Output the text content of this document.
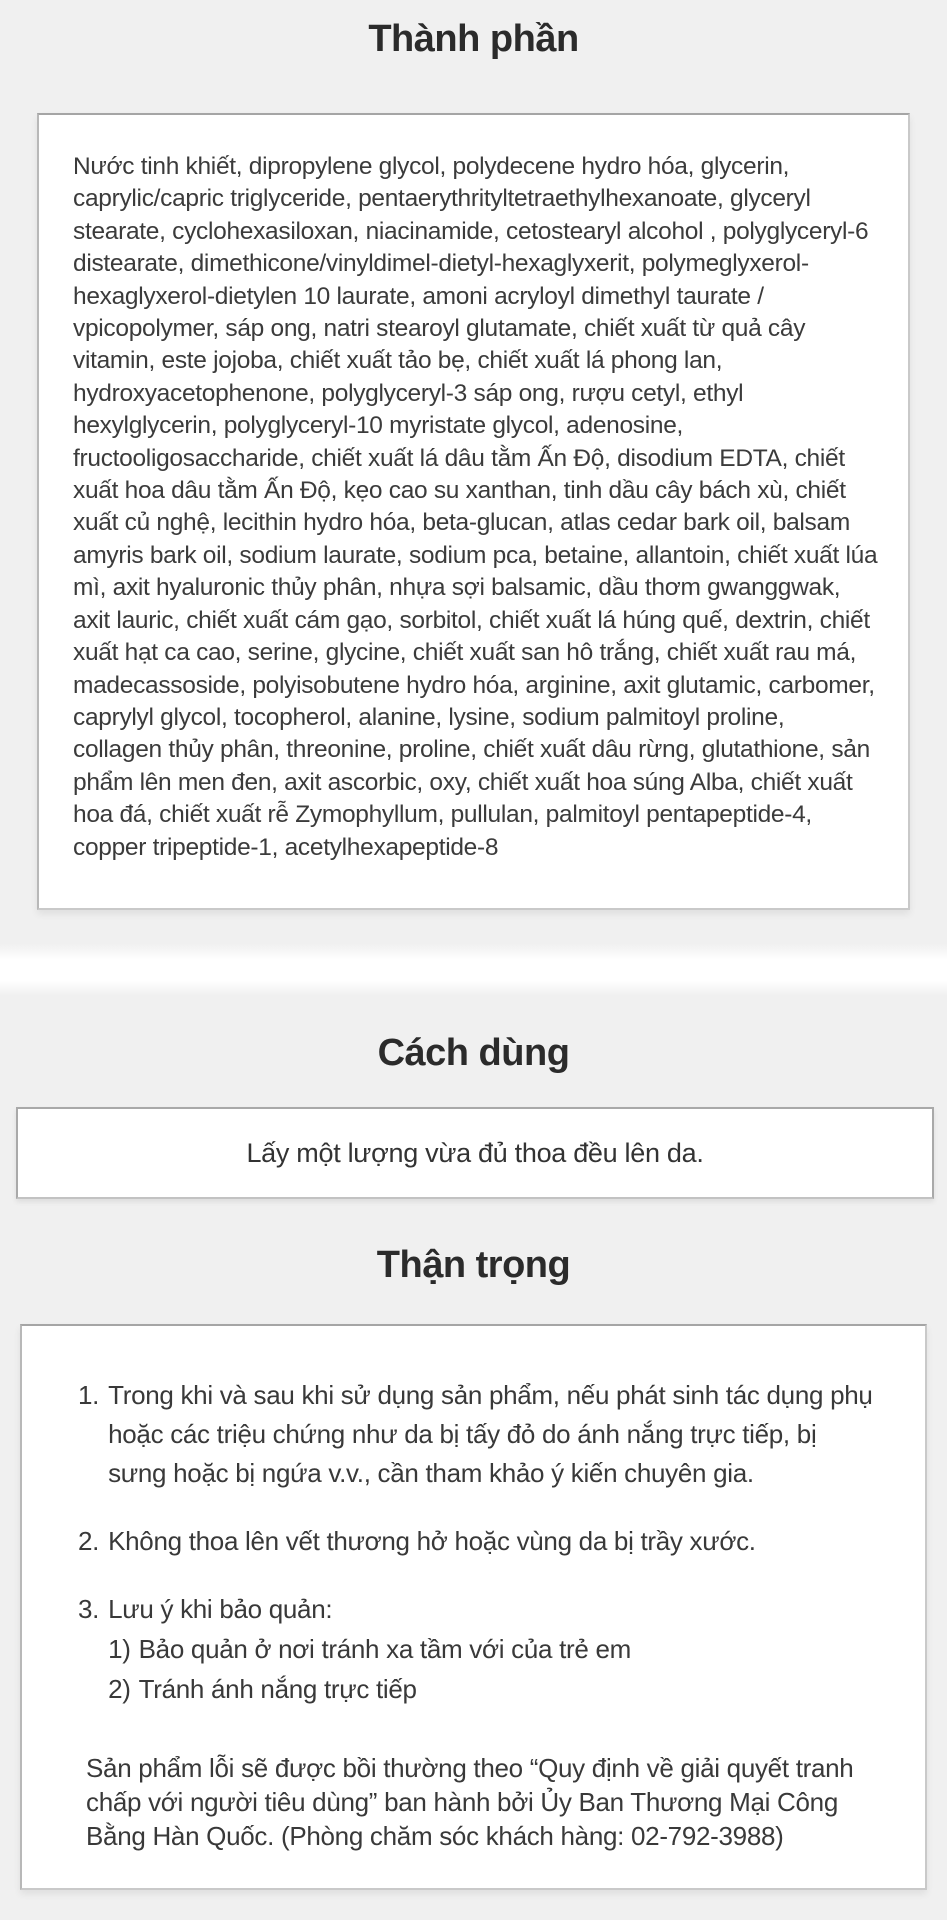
Thành phần

Nước tinh khiết, dipropylene glycol, polydecene hydro hóa, glycerin, caprylic/capric triglyceride, pentaerythrityltetraethylhexanoate, glyceryl stearate, cyclohexasiloxan, niacinamide, cetostearyl alcohol , polyglyceryl-6 distearate, dimethicone/vinyldimel-dietyl-hexaglyxerit, polymeglyxerol-hexaglyxerol-dietylen 10 laurate, amoni acryloyl dimethyl taurate / vpicopolymer, sáp ong, natri stearoyl glutamate, chiết xuất từ quả cây vitamin, este jojoba, chiết xuất tảo bẹ, chiết xuất lá phong lan, hydroxyacetophenone, polyglyceryl-3 sáp ong, rượu cetyl, ethyl hexylglycerin, polyglyceryl-10 myristate glycol, adenosine, fructooligosaccharide, chiết xuất lá dâu tằm Ấn Độ, disodium EDTA, chiết xuất hoa dâu tằm Ấn Độ, kẹo cao su xanthan, tinh dầu cây bách xù, chiết xuất củ nghệ, lecithin hydro hóa, beta-glucan, atlas cedar bark oil, balsam amyris bark oil, sodium laurate, sodium pca, betaine, allantoin, chiết xuất lúa mì, axit hyaluronic thủy phân, nhựa sợi balsamic, dầu thơm gwanggwak, axit lauric, chiết xuất cám gạo, sorbitol, chiết xuất lá húng quế, dextrin, chiết xuất hạt ca cao, serine, glycine, chiết xuất san hô trắng, chiết xuất rau má, madecassoside, polyisobutene hydro hóa, arginine, axit glutamic, carbomer, caprylyl glycol, tocopherol, alanine, lysine, sodium palmitoyl proline, collagen thủy phân, threonine, proline, chiết xuất dâu rừng, glutathione, sản phẩm lên men đen, axit ascorbic, oxy, chiết xuất hoa súng Alba, chiết xuất hoa đá, chiết xuất rễ Zymophyllum, pullulan, palmitoyl pentapeptide-4, copper tripeptide-1, acetylhexapeptide-8

Cách dùng

Lấy một lượng vừa đủ thoa đều lên da.

Thận trọng
1. Trong khi và sau khi sử dụng sản phẩm, nếu phát sinh tác dụng phụ hoặc các triệu chứng như da bị tấy đỏ do ánh nắng trực tiếp, bị sưng hoặc bị ngứa v.v., cần tham khảo ý kiến chuyên gia.
2. Không thoa lên vết thương hở hoặc vùng da bị trầy xước.
3. Lưu ý khi bảo quản:
1) Bảo quản ở nơi tránh xa tầm với của trẻ em
2) Tránh ánh nắng trực tiếp

Sản phẩm lỗi sẽ được bồi thường theo “Quy định về giải quyết tranh chấp với người tiêu dùng” ban hành bởi Ủy Ban Thương Mại Công Bằng Hàn Quốc. (Phòng chăm sóc khách hàng: 02-792-3988)
